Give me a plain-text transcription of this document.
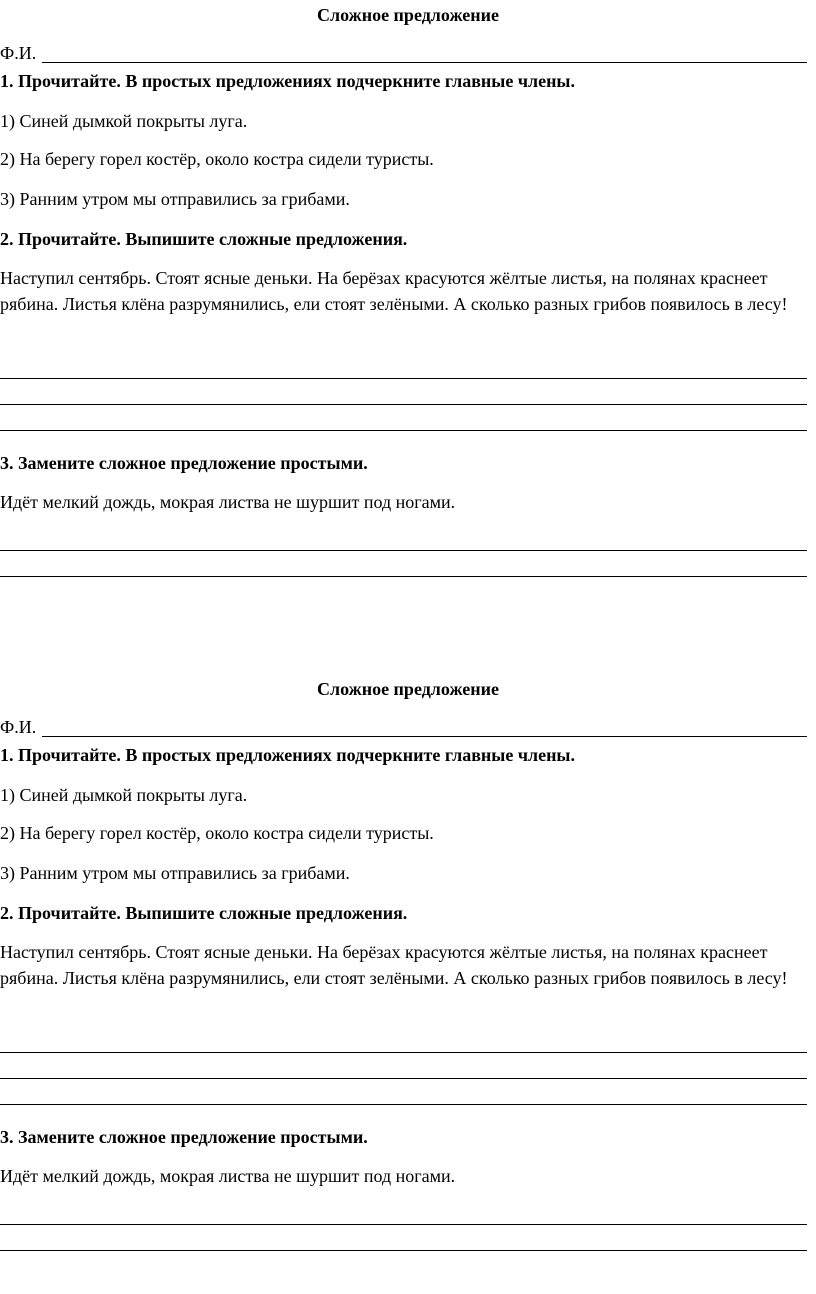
Сложное предложение
Ф.И.

1. Прочитайте. В простых предложениях подчеркните главные члены.

1) Синей дымкой покрыты луга.

2) На берегу горел костёр, около костра сидели туристы.

3) Ранним утром мы отправились за грибами.

2. Прочитайте. Выпишите сложные предложения.

Наступил сентябрь. Стоят ясные деньки. На берёзах красуются жёлтые листья, на полянах краснеет рябина. Листья клёна разрумянились, ели стоят зелёными. А сколько разных грибов появилось в лесу!

3. Замените сложное предложение простыми.

Идёт мелкий дождь, мокрая листва не шуршит под ногами.

Сложное предложение
Ф.И.

1. Прочитайте. В простых предложениях подчеркните главные члены.

1) Синей дымкой покрыты луга.

2) На берегу горел костёр, около костра сидели туристы.

3) Ранним утром мы отправились за грибами.

2. Прочитайте. Выпишите сложные предложения.

Наступил сентябрь. Стоят ясные деньки. На берёзах красуются жёлтые листья, на полянах краснеет рябина. Листья клёна разрумянились, ели стоят зелёными. А сколько разных грибов появилось в лесу!

3. Замените сложное предложение простыми.

Идёт мелкий дождь, мокрая листва не шуршит под ногами.
